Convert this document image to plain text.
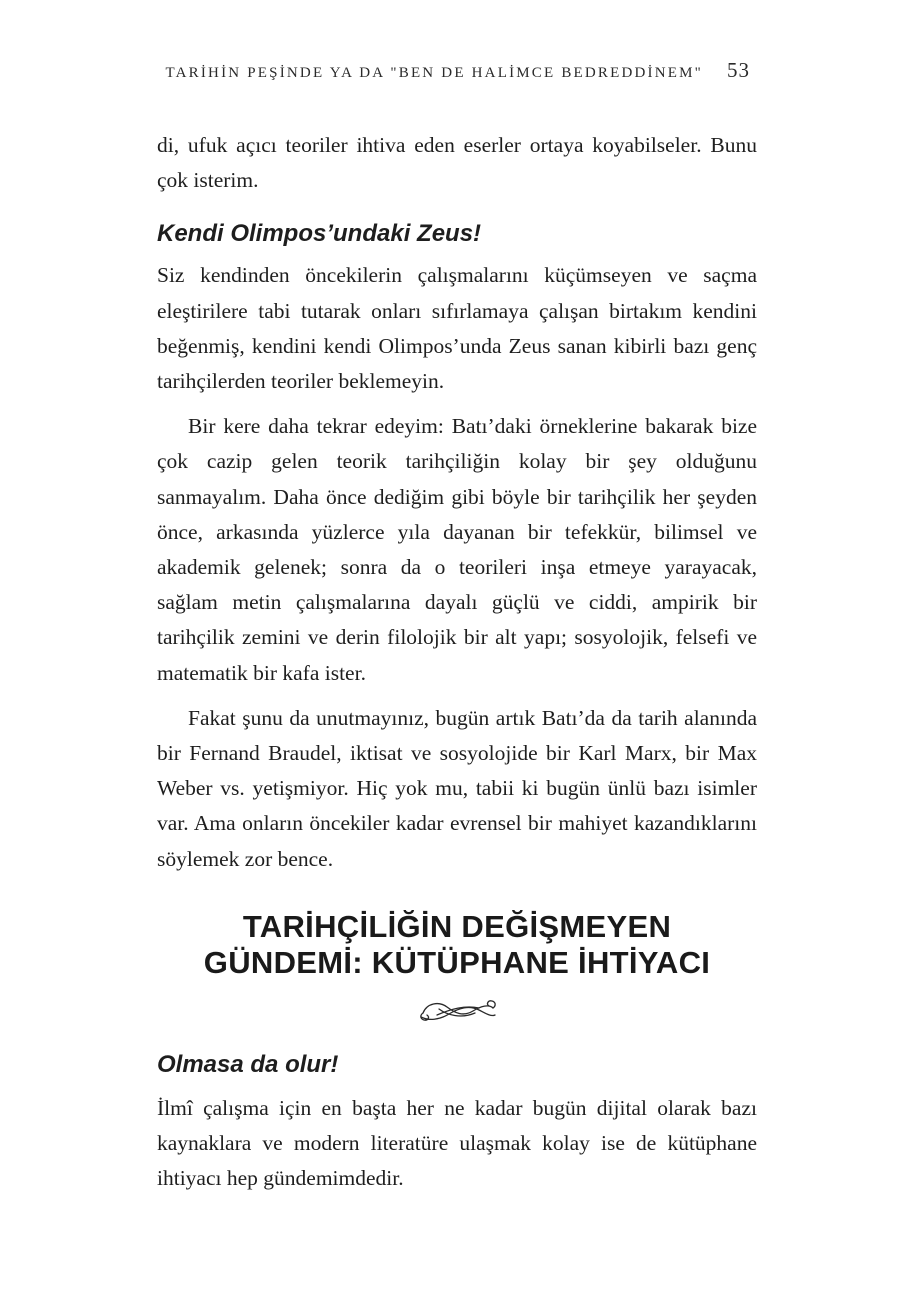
TARİHİN PEŞİNDE YA DA "BEN DE HALİMCE BEDREDDİNEM" 53

di, ufuk açıcı teoriler ihtiva eden eserler ortaya koyabilseler. Bunu çok isterim.

Kendi Olimpos’undaki Zeus!

Siz kendinden öncekilerin çalışmalarını küçümseyen ve saçma eleştirilere tabi tutarak onları sıfırlamaya çalışan birtakım kendini beğenmiş, kendini kendi Olimpos’unda Zeus sanan kibirli bazı genç tarihçilerden teoriler beklemeyin.

Bir kere daha tekrar edeyim: Batı’daki örneklerine bakarak bize çok cazip gelen teorik tarihçiliğin kolay bir şey olduğunu sanmayalım. Daha önce dediğim gibi böyle bir tarihçilik her şeyden önce, arkasında yüzlerce yıla dayanan bir tefekkür, bilimsel ve akademik gelenek; sonra da o teorileri inşa etmeye yarayacak, sağlam metin çalışmalarına dayalı güçlü ve ciddi, ampirik bir tarihçilik zemini ve derin filolojik bir alt yapı; sosyolojik, felsefi ve matematik bir kafa ister.

Fakat şunu da unutmayınız, bugün artık Batı’da da tarih alanında bir Fernand Braudel, iktisat ve sosyolojide bir Karl Marx, bir Max Weber vs. yetişmiyor. Hiç yok mu, tabii ki bugün ünlü bazı isimler var. Ama onların öncekiler kadar evrensel bir mahiyet kazandıklarını söylemek zor bence.

TARİHÇİLİĞİN DEĞİŞMEYEN
GÜNDEMİ: KÜTÜPHANE İHTİYACI
Olmasa da olur!

İlmî çalışma için en başta her ne kadar bugün dijital olarak bazı kaynaklara ve modern literatüre ulaşmak kolay ise de kütüphane ihtiyacı hep gündemimdedir.
